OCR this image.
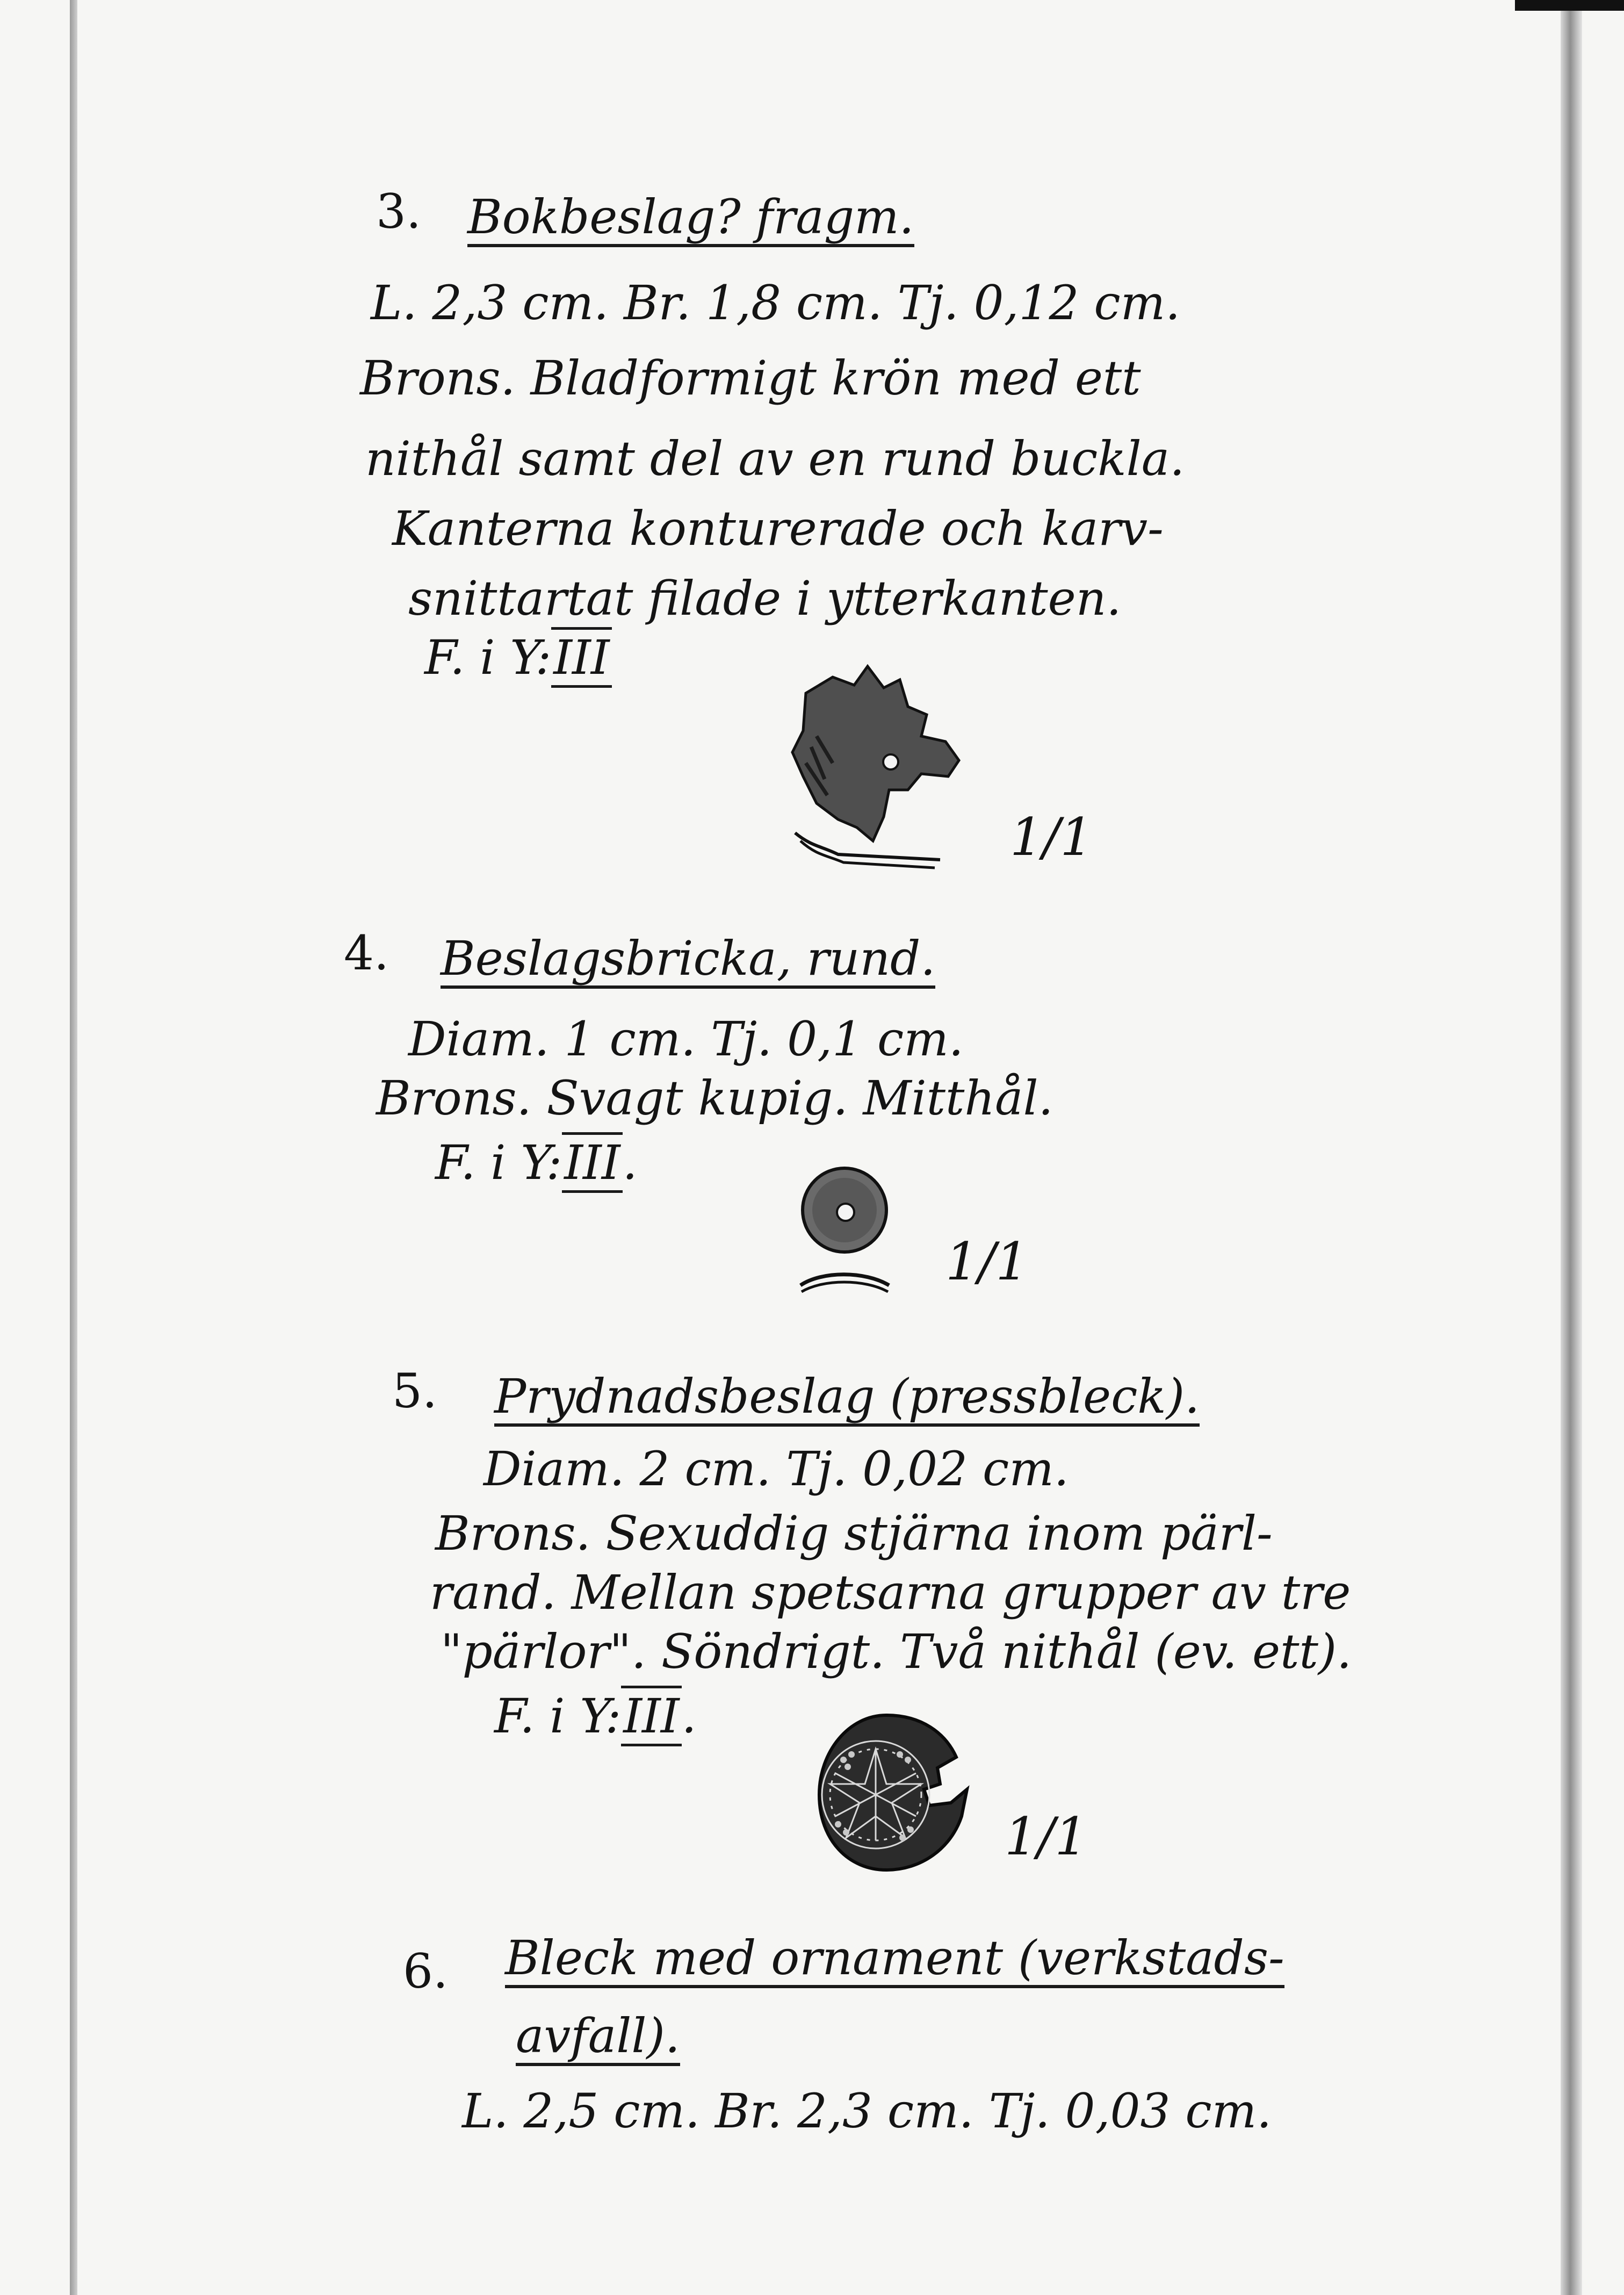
3. Bokbeslag? fragm.
L. 2,3 cm. Br. 1,8 cm. Tj. 0,12 cm.
Brons. Bladformigt krön med ett
nithål samt del av en rund buckla.
Kanterna konturerade och karv-
snittartat filade i ytterkanten.
F. i Y:III
1/1
4. Beslagsbricka, rund.
Diam. 1 cm. Tj. 0,1 cm.
Brons. Svagt kupig. Mitthål.
F. i Y:III.
1/1
5. Prydnadsbeslag (pressbleck).
Diam. 2 cm. Tj. 0,02 cm.
Brons. Sexuddig stjärna inom pärl-
rand. Mellan spetsarna grupper av tre
"pärlor". Söndrigt. Två nithål (ev. ett).
F. i Y:III.
1/1
6. Bleck med ornament (verkstads-
avfall).
L. 2,5 cm. Br. 2,3 cm. Tj. 0,03 cm.
